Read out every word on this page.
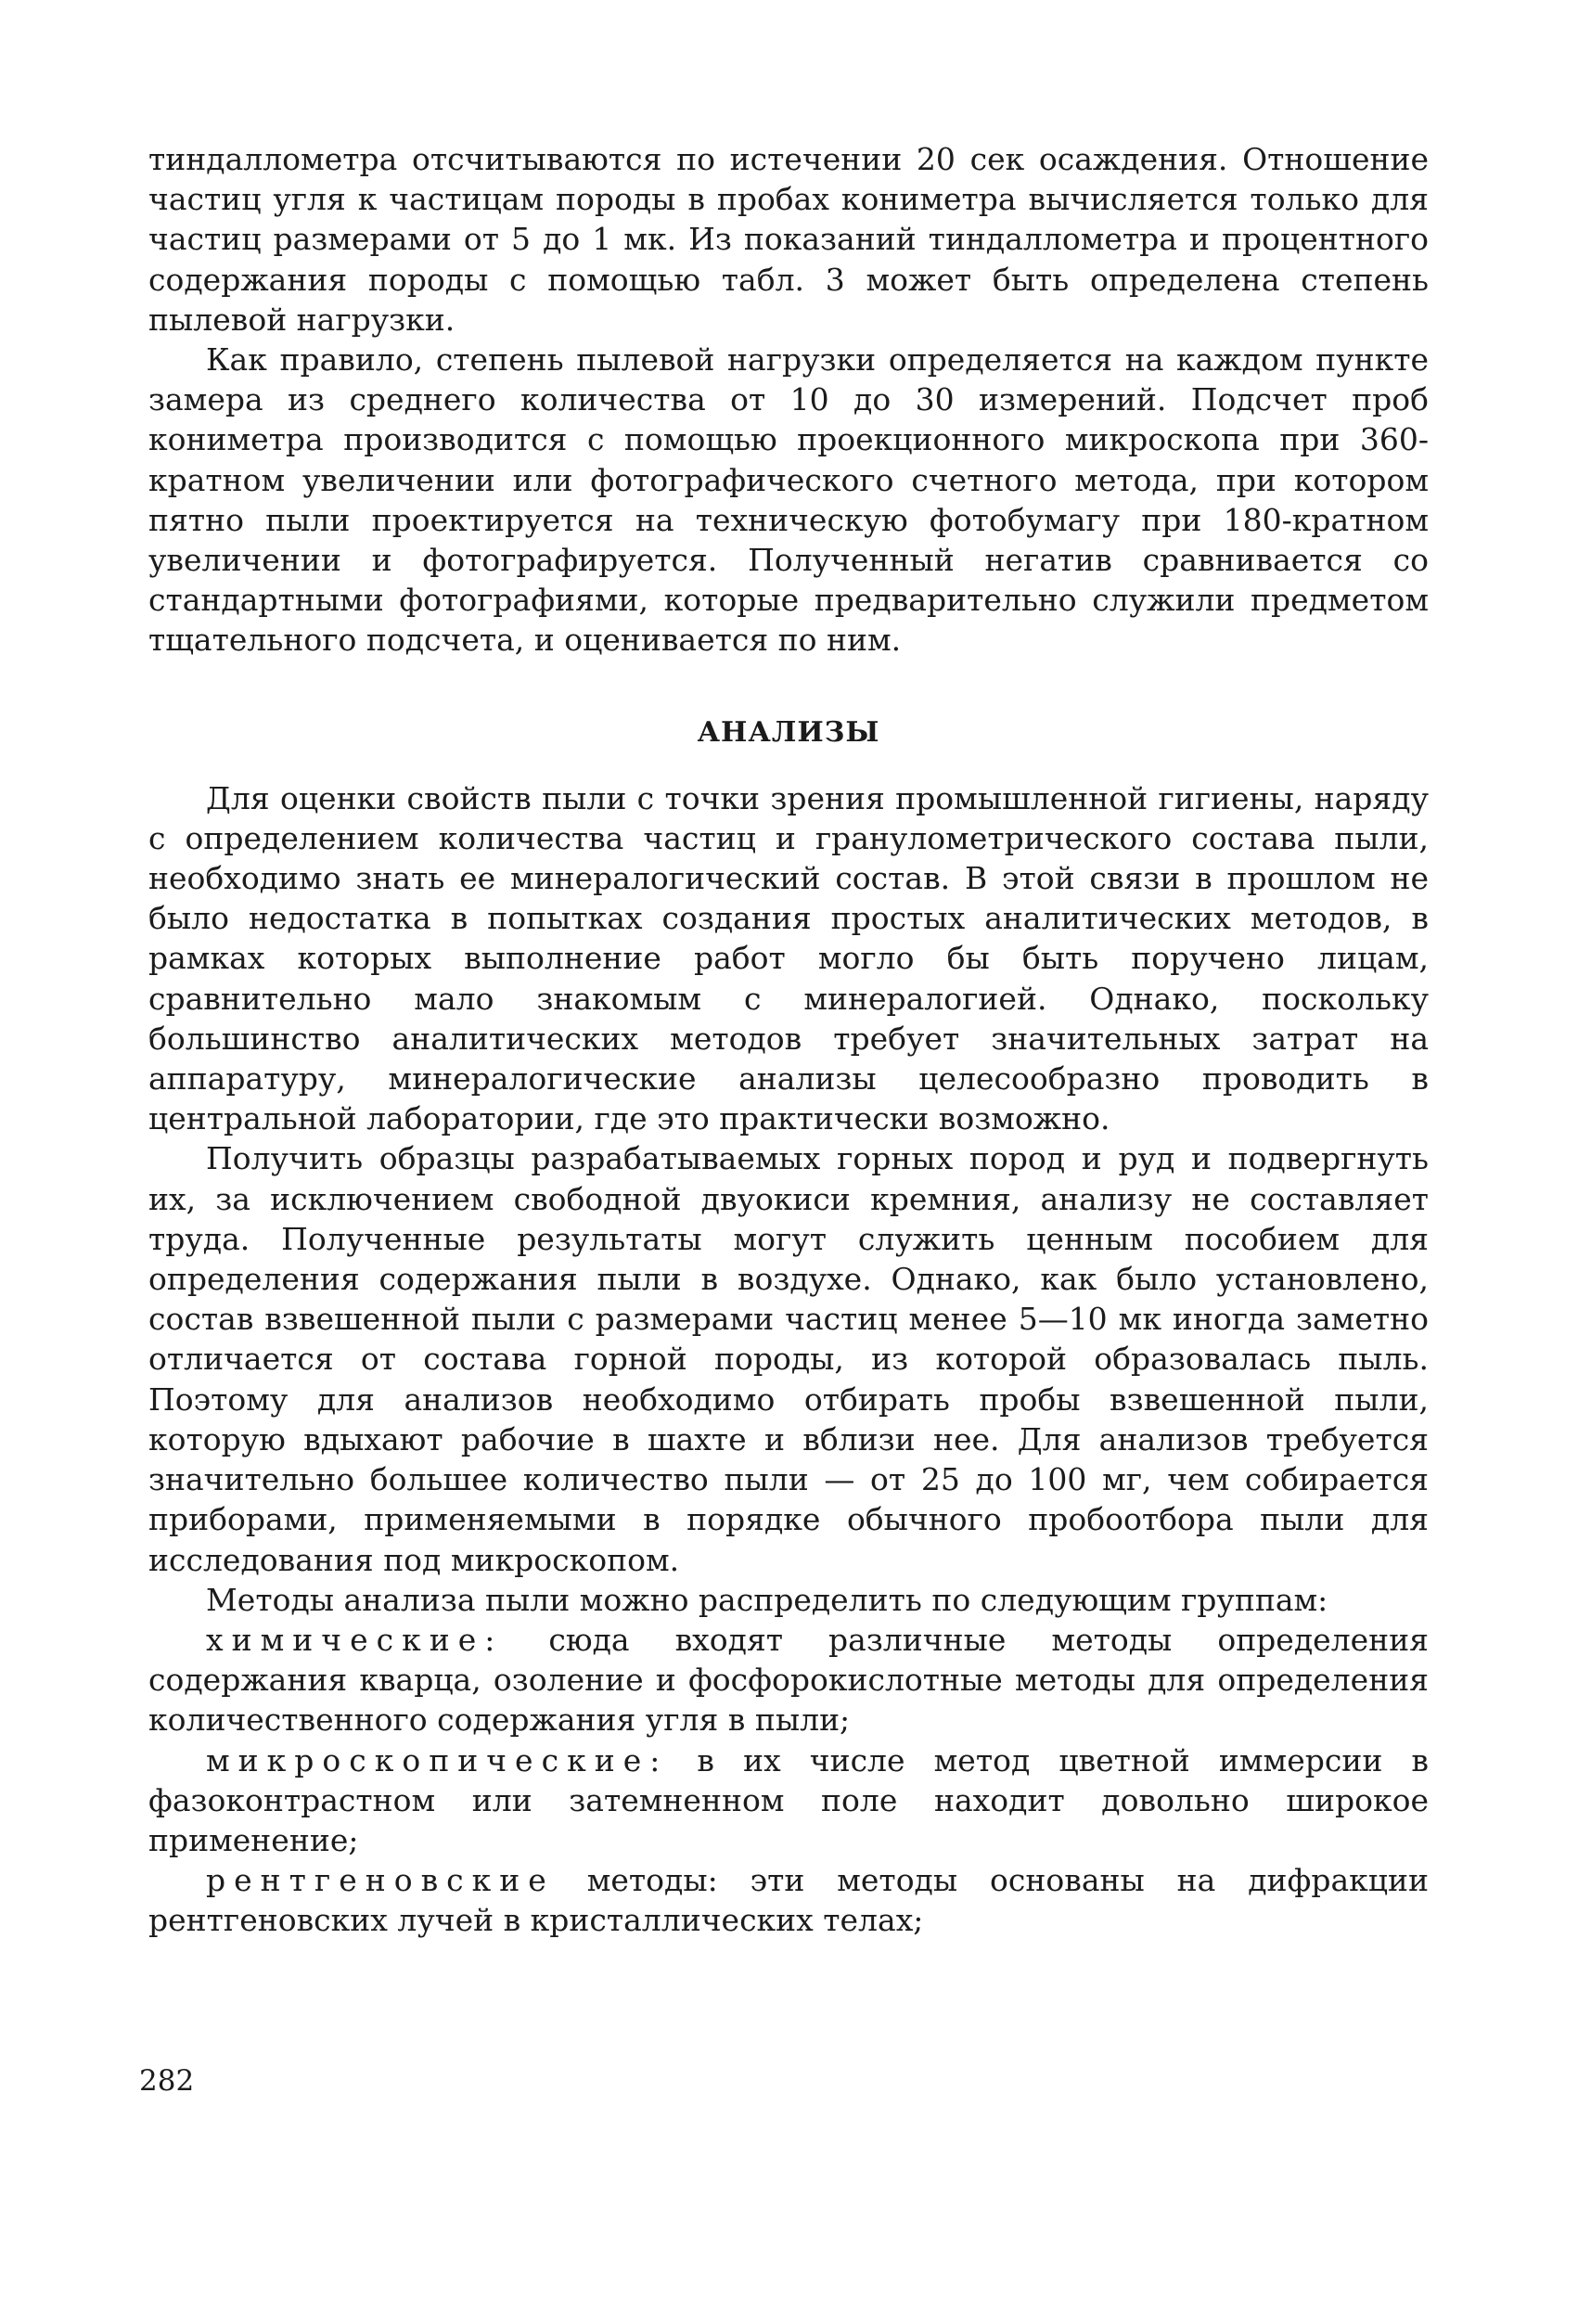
тиндаллометра отсчитываются по истечении 20 сек осаждения. Отношение частиц угля к частицам породы в пробах кониметра вычисляется только для частиц размерами от 5 до 1 мк. Из показаний тиндаллометра и процентного содержания породы с помощью табл. 3 может быть определена степень пылевой нагрузки.

Как правило, степень пылевой нагрузки определяется на каждом пункте замера из среднего количества от 10 до 30 измерений. Подсчет проб кониметра производится с помощью проекционного микроскопа при 360-кратном увеличении или фотографического счетного метода, при котором пятно пыли проектируется на техническую фотобумагу при 180-кратном увеличении и фотографируется. Полученный негатив сравнивается со стандартными фотографиями, которые предварительно служили предметом тщательного подсчета, и оценивается по ним.

АНАЛИЗЫ

Для оценки свойств пыли с точки зрения промышленной гигиены, наряду с определением количества частиц и гранулометрического состава пыли, необходимо знать ее минералогический состав. В этой связи в прошлом не было недостатка в попытках создания простых аналитических методов, в рамках которых выполнение работ могло бы быть поручено лицам, сравнительно мало знакомым с минералогией. Однако, поскольку большинство аналитических методов требует значительных затрат на аппаратуру, минералогические анализы целесообразно проводить в центральной лаборатории, где это практически возможно.

Получить образцы разрабатываемых горных пород и руд и подвергнуть их, за исключением свободной двуокиси кремния, анализу не составляет труда. Полученные результаты могут служить ценным пособием для определения содержания пыли в воздухе. Однако, как было установлено, состав взвешенной пыли с размерами частиц менее 5—10 мк иногда заметно отличается от состава горной породы, из которой образовалась пыль. Поэтому для анализов необходимо отбирать пробы взвешенной пыли, которую вдыхают рабочие в шахте и вблизи нее. Для анализов требуется значительно большее количество пыли — от 25 до 100 мг, чем собирается приборами, применяемыми в порядке обычного пробоотбора пыли для исследования под микроскопом.

Методы анализа пыли можно распределить по следующим группам:

химические: сюда входят различные методы определения содержания кварца, озоление и фосфорокислотные методы для определения количественного содержания угля в пыли;

микроскопические: в их числе метод цветной иммерсии в фазоконтрастном или затемненном поле находит довольно широкое применение;

рентгеновские методы: эти методы основаны на дифракции рентгеновских лучей в кристаллических телах;

282
